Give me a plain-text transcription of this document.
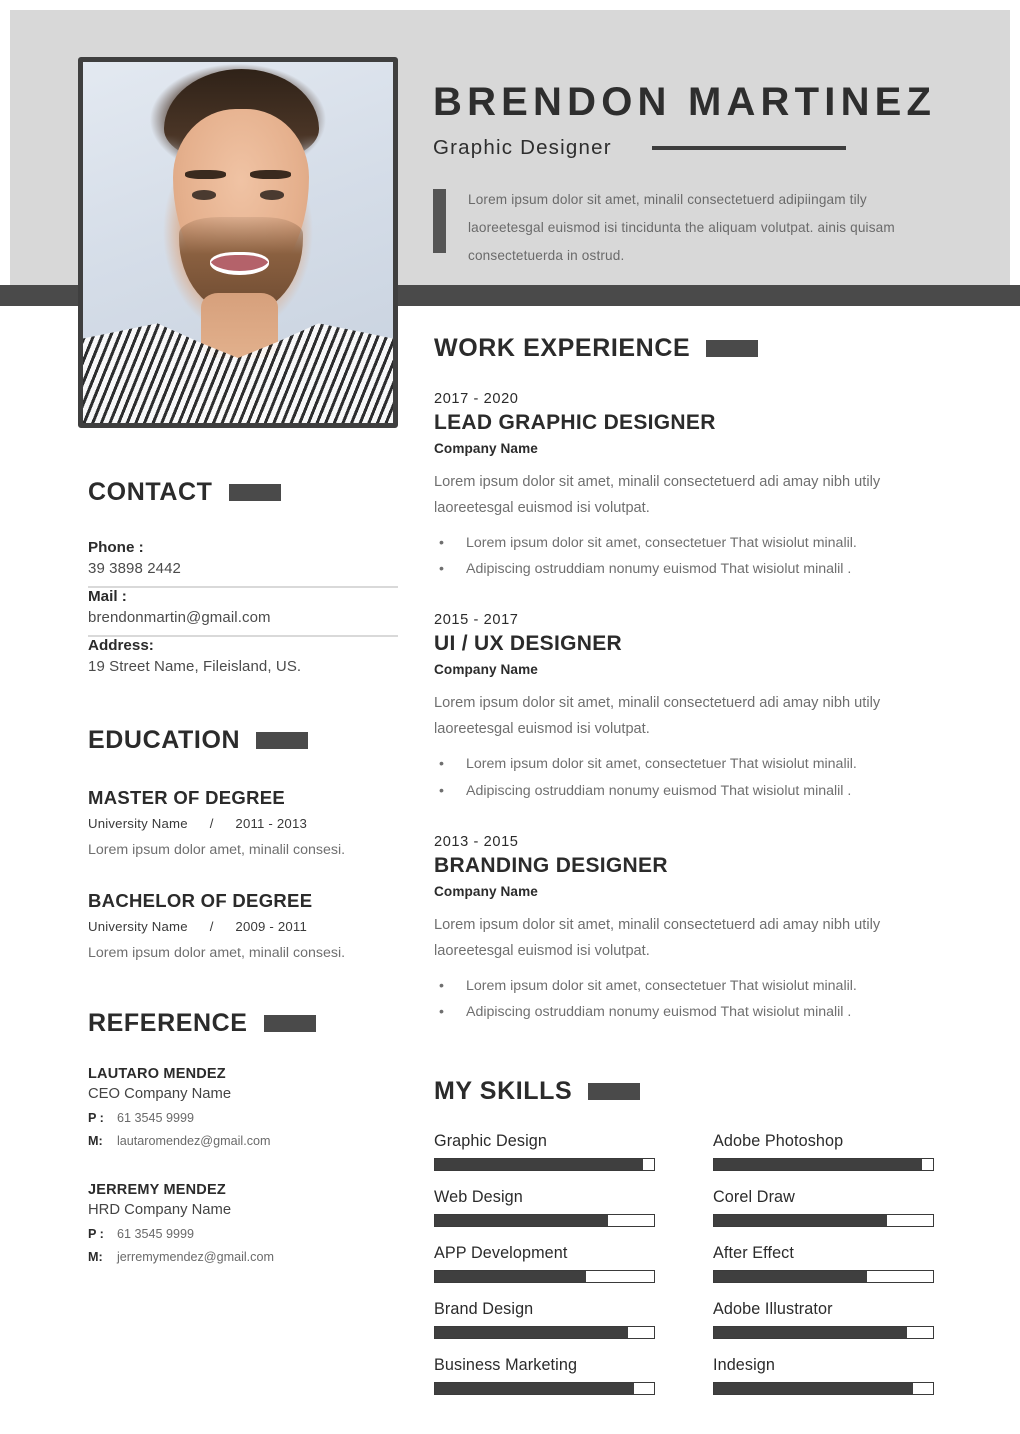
BRENDON MARTINEZ
Graphic Designer
Lorem ipsum dolor sit amet, minalil consectetuerd adipiingam tily laoreetesgal euismod isi tincidunta the aliquam volutpat. ainis quisam consectetuerda in ostrud.
CONTACT
Phone :
39 3898 2442
Mail :
brendonmartin@gmail.com
Address:
19 Street Name, Fileisland, US.
EDUCATION
MASTER OF DEGREE
University Name / 2011 - 2013
Lorem ipsum dolor amet, minalil consesi.
BACHELOR OF DEGREE
University Name / 2009 - 2011
Lorem ipsum dolor amet, minalil consesi.
REFERENCE
LAUTARO MENDEZ
CEO Company Name
P :	61 3545 9999
M:	lautaromendez@gmail.com
JERREMY MENDEZ
HRD Company Name
P :	61 3545 9999
M:	jerremymendez@gmail.com
WORK EXPERIENCE
2017 - 2020
LEAD GRAPHIC DESIGNER
Company Name
Lorem ipsum dolor sit amet, minalil consectetuerd adi amay nibh utily laoreetesgal euismod isi volutpat.
•	Lorem ipsum dolor sit amet, consectetuer That wisiolut minalil.
•	Adipiscing ostruddiam nonumy euismod That wisiolut minalil .
2015 - 2017
UI / UX DESIGNER
Company Name
Lorem ipsum dolor sit amet, minalil consectetuerd adi amay nibh utily laoreetesgal euismod isi volutpat.
•	Lorem ipsum dolor sit amet, consectetuer That wisiolut minalil.
•	Adipiscing ostruddiam nonumy euismod That wisiolut minalil .
2013 - 2015
BRANDING DESIGNER
Company Name
Lorem ipsum dolor sit amet, minalil consectetuerd adi amay nibh utily laoreetesgal euismod isi volutpat.
•	Lorem ipsum dolor sit amet, consectetuer That wisiolut minalil.
•	Adipiscing ostruddiam nonumy euismod That wisiolut minalil .
MY SKILLS
Graphic Design
Web Design
APP Development
Brand Design
Business Marketing
Adobe Photoshop
Corel Draw
After Effect
Adobe Illustrator
Indesign
